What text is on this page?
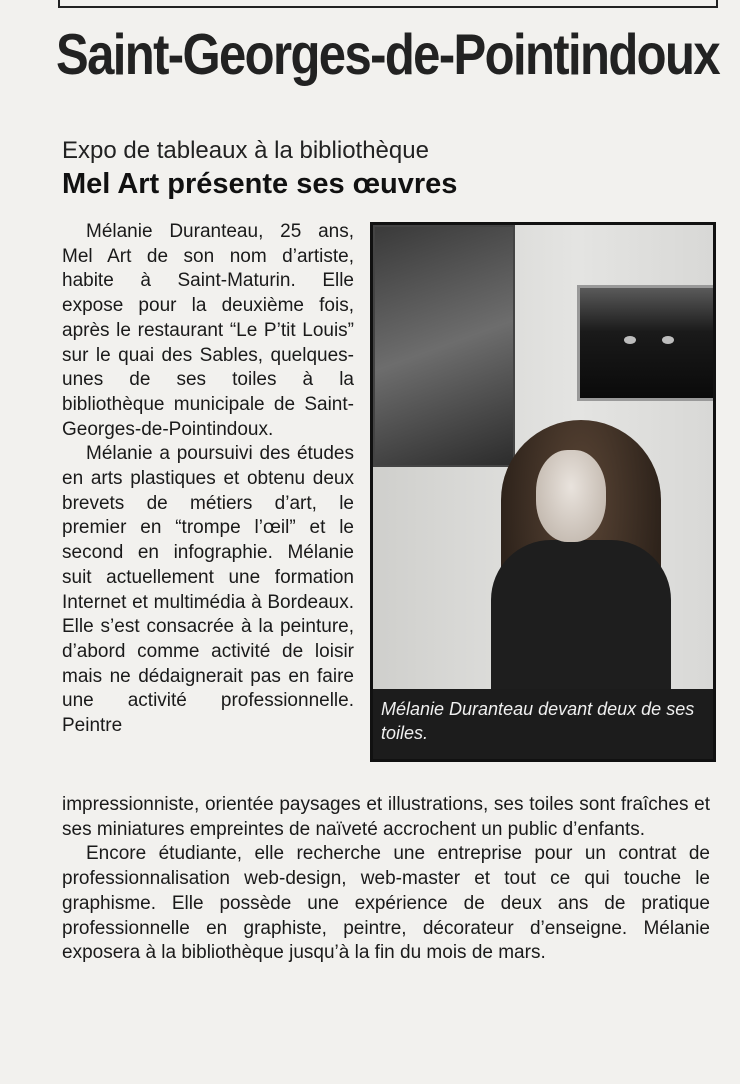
Saint-Georges-de-Pointindoux
Expo de tableaux à la bibliothèque
Mel Art présente ses œuvres

Mélanie Duranteau, 25 ans, Mel Art de son nom d’artiste, habite à Saint-Maturin. Elle expose pour la deuxième fois, après le restaurant “Le P’tit Louis” sur le quai des Sables, quelques-unes de ses toiles à la bibliothèque municipale de Saint-Georges-de-Pointindoux.

Mélanie a poursuivi des études en arts plastiques et obtenu deux brevets de métiers d’art, le premier en “trompe l’œil” et le second en infographie. Mélanie suit actuellement une formation Internet et multimédia à Bordeaux. Elle s’est consacrée à la peinture, d’abord comme activité de loisir mais ne dédaignerait pas en faire une activité professionnelle. Peintre

Mélanie Duranteau devant deux de ses toiles.

impressionniste, orientée paysages et illustrations, ses toiles sont fraîches et ses miniatures empreintes de naïveté accrochent un public d’enfants.

Encore étudiante, elle recherche une entreprise pour un contrat de professionnalisation web-design, web-master et tout ce qui touche le graphisme. Elle possède une expérience de deux ans de pratique professionnelle en graphiste, peintre, décorateur d’enseigne. Mélanie exposera à la bibliothèque jusqu’à la fin du mois de mars.
